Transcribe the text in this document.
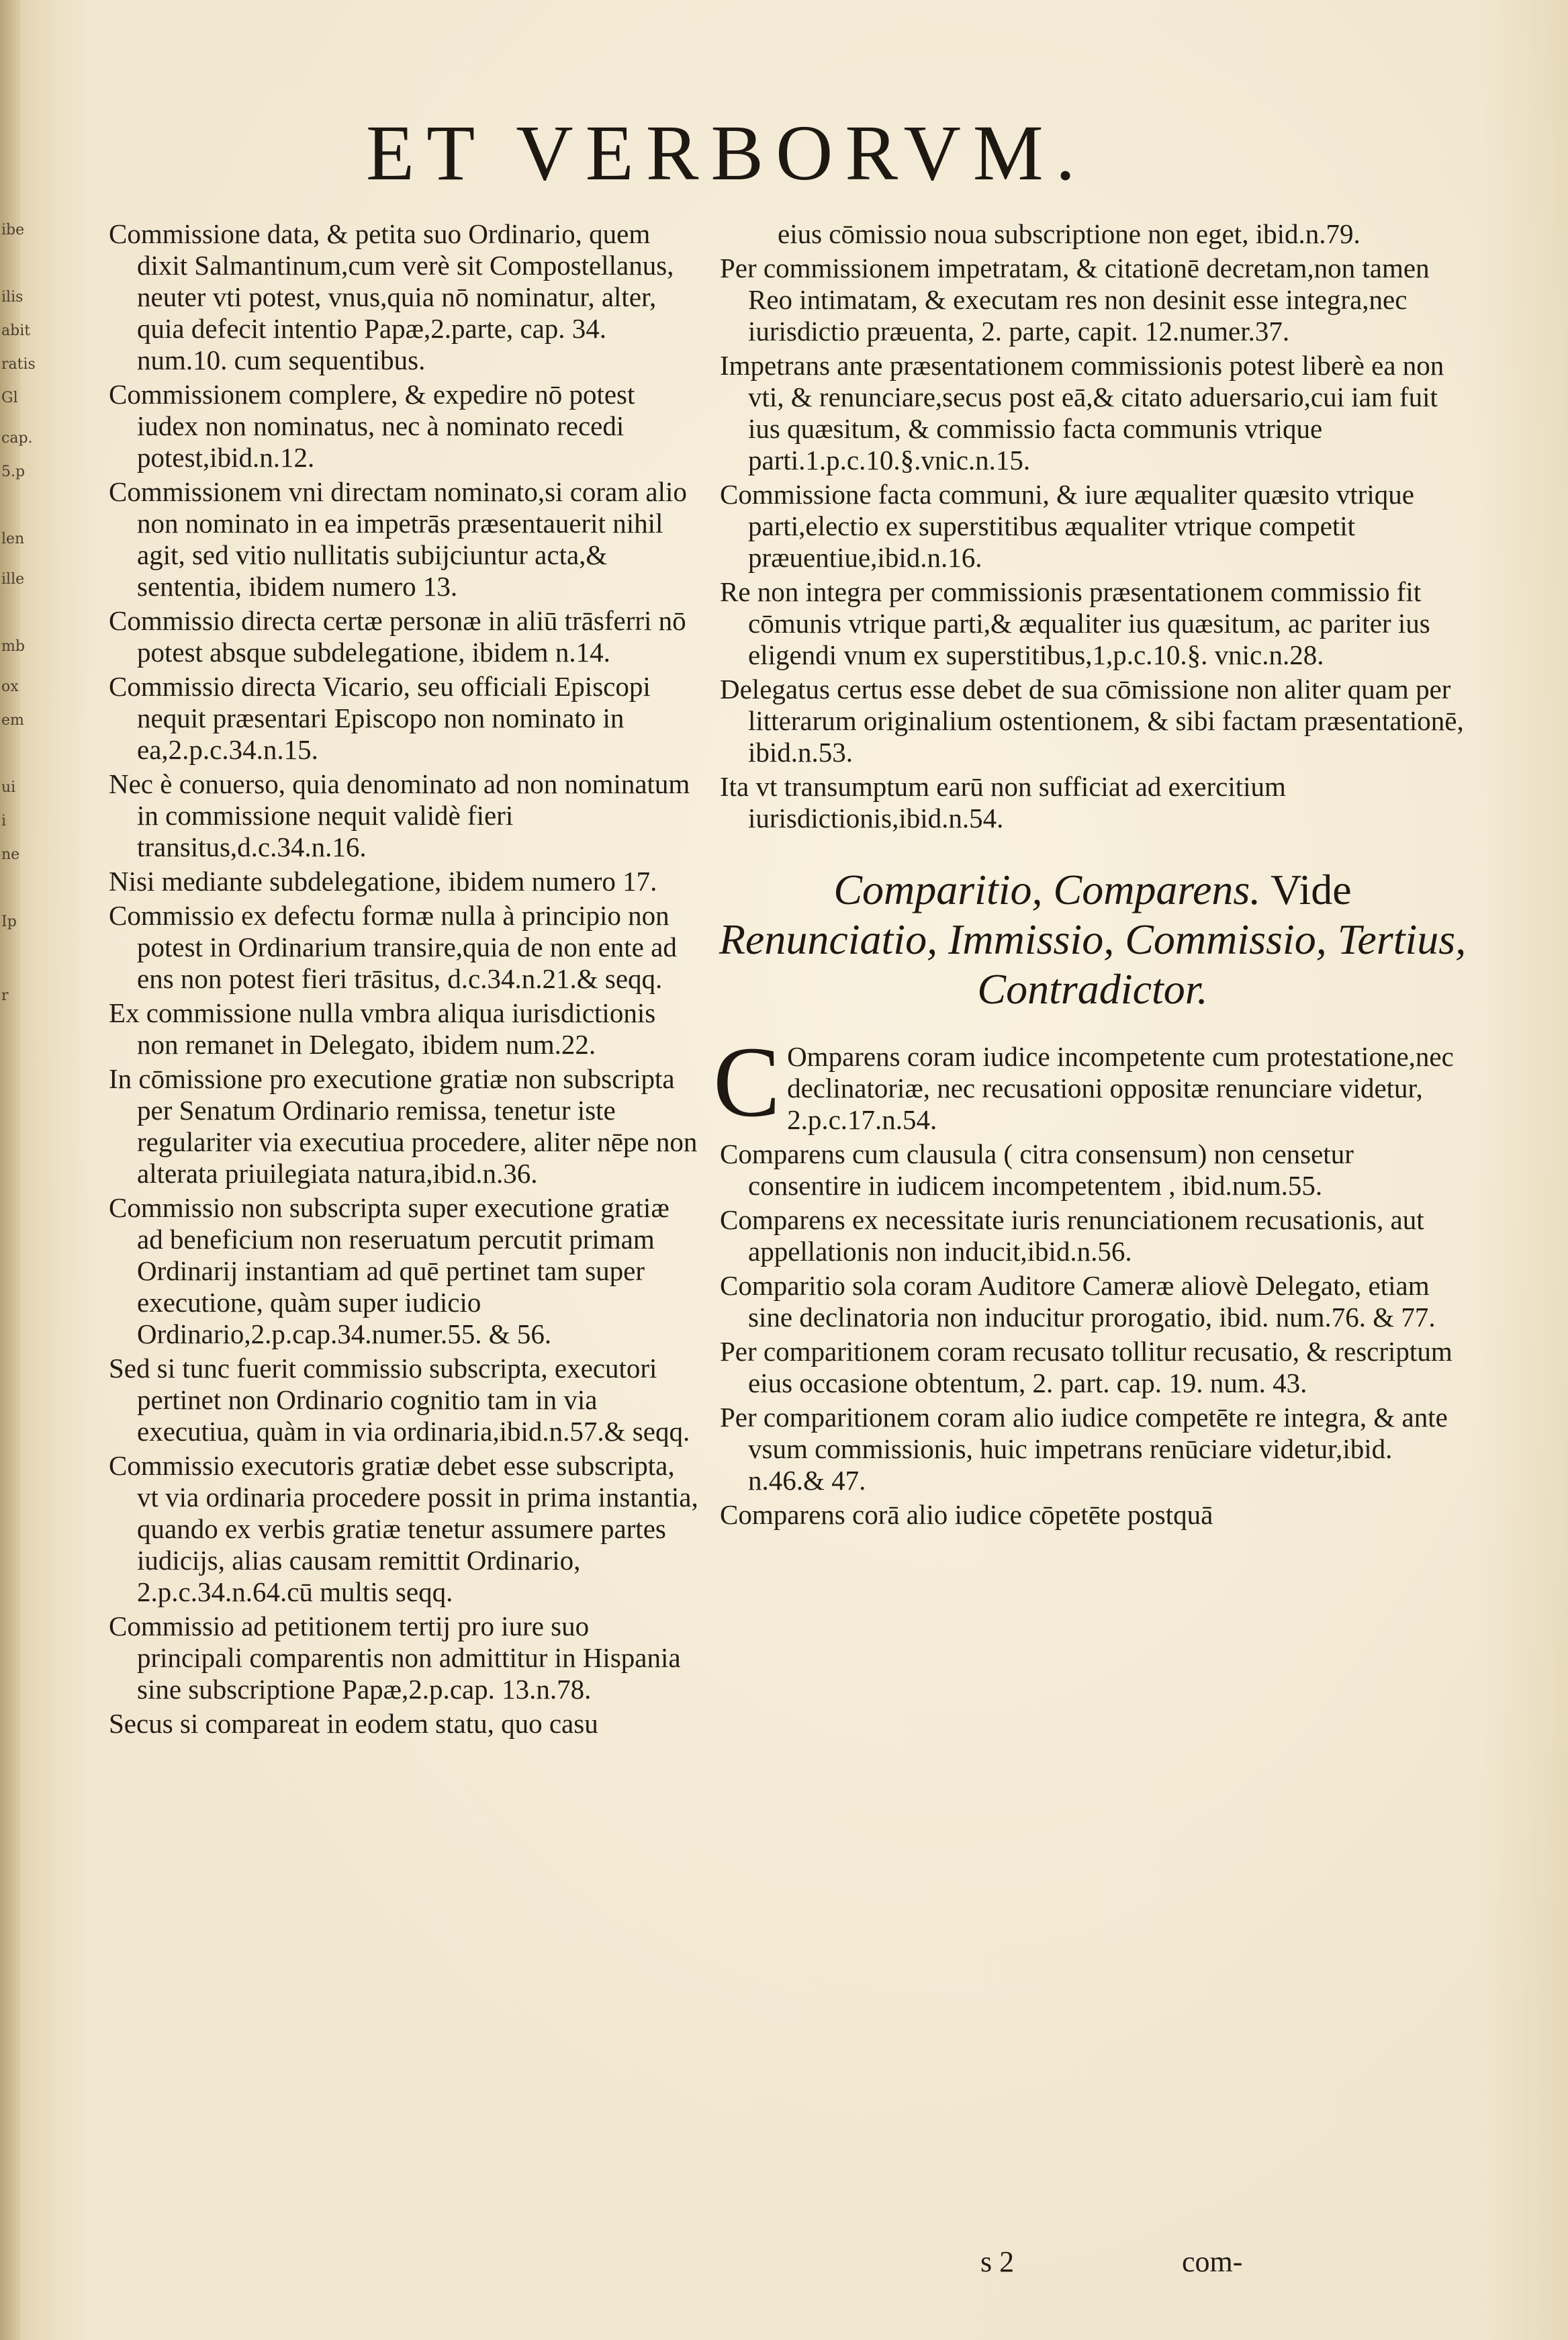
ibe
ilis
abit
ratis
Gl
cap.
5.p
len
ille
mb
ox
em
ui
i
ne
Ip
r
ET VERBORVM.

Commissione data, & petita suo Ordinario, quem dixit Salmantinum,cum verè sit Compostellanus, neuter vti potest, vnus,quia nō nominatur, alter, quia defecit intentio Papæ,2.parte, cap. 34. num.10. cum sequentibus.

Commissionem complere, & expedire nō potest iudex non nominatus, nec à nominato recedi potest,ibid.n.12.

Commissionem vni directam nominato,si coram alio non nominato in ea impetrās præsentauerit nihil agit, sed vitio nullitatis subijciuntur acta,& sententia, ibidem numero 13.

Commissio directa certæ personæ in aliū trāsferri nō potest absque subdelegatione, ibidem n.14.

Commissio directa Vicario, seu officiali Episcopi nequit præsentari Episcopo non nominato in ea,2.p.c.34.n.15.

Nec è conuerso, quia denominato ad non nominatum in commissione nequit validè fieri transitus,d.c.34.n.16.

Nisi mediante subdelegatione, ibidem numero 17.

Commissio ex defectu formæ nulla à principio non potest in Ordinarium transire,quia de non ente ad ens non potest fieri trāsitus, d.c.34.n.21.& seqq.

Ex commissione nulla vmbra aliqua iurisdictionis non remanet in Delegato, ibidem num.22.

In cōmissione pro executione gratiæ non subscripta per Senatum Ordinario remissa, tenetur iste regulariter via executiua procedere, aliter nēpe non alterata priuilegiata natura,ibid.n.36.

Commissio non subscripta super executione gratiæ ad beneficium non reseruatum percutit primam Ordinarij instantiam ad quē pertinet tam super executione, quàm super iudicio Ordinario,2.p.cap.34.numer.55. & 56.

Sed si tunc fuerit commissio subscripta, executori pertinet non Ordinario cognitio tam in via executiua, quàm in via ordinaria,ibid.n.57.& seqq.

Commissio executoris gratiæ debet esse subscripta, vt via ordinaria procedere possit in prima instantia, quando ex verbis gratiæ tenetur assumere partes iudicijs, alias causam remittit Ordinario, 2.p.c.34.n.64.cū multis seqq.

Commissio ad petitionem tertij pro iure suo principali comparentis non admittitur in Hispania sine subscriptione Papæ,2.p.cap. 13.n.78.

Secus si compareat in eodem statu, quo casu

eius cōmissio noua subscriptione non eget, ibid.n.79.

Per commissionem impetratam, & citationē decretam,non tamen Reo intimatam, & executam res non desinit esse integra,nec iurisdictio præuenta, 2. parte, capit. 12.numer.37.

Impetrans ante præsentationem commissionis potest liberè ea non vti, & renunciare,secus post eā,& citato aduersario,cui iam fuit ius quæsitum, & commissio facta communis vtrique parti.1.p.c.10.§.vnic.n.15.

Commissione facta communi, & iure æqualiter quæsito vtrique parti,electio ex superstitibus æqualiter vtrique competit præuentiue,ibid.n.16.

Re non integra per commissionis præsentationem commissio fit cōmunis vtrique parti,& æqualiter ius quæsitum, ac pariter ius eligendi vnum ex superstitibus,1,p.c.10.§. vnic.n.28.

Delegatus certus esse debet de sua cōmissione non aliter quam per litterarum originalium ostentionem, & sibi factam præsentationē, ibid.n.53.

Ita vt transumptum earū non sufficiat ad exercitium iurisdictionis,ibid.n.54.

Comparitio, Comparens. Vide
Renunciatio, Immissio, Commissio, Tertius, Contradictor.

C Omparens coram iudice incompetente cum protestatione,nec declinatoriæ, nec recusationi oppositæ renunciare videtur, 2.p.c.17.n.54.

Comparens cum clausula ( citra consensum) non censetur consentire in iudicem incompetentem , ibid.num.55.

Comparens ex necessitate iuris renunciationem recusationis, aut appellationis non inducit,ibid.n.56.

Comparitio sola coram Auditore Cameræ aliovè Delegato, etiam sine declinatoria non inducitur prorogatio, ibid. num.76. & 77.

Per comparitionem coram recusato tollitur recusatio, & rescriptum eius occasione obtentum, 2. part. cap. 19. num. 43.

Per comparitionem coram alio iudice competēte re integra, & ante vsum commissionis, huic impetrans renūciare videtur,ibid. n.46.& 47.

Comparens corā alio iudice cōpetēte postquā

s 2	com-
